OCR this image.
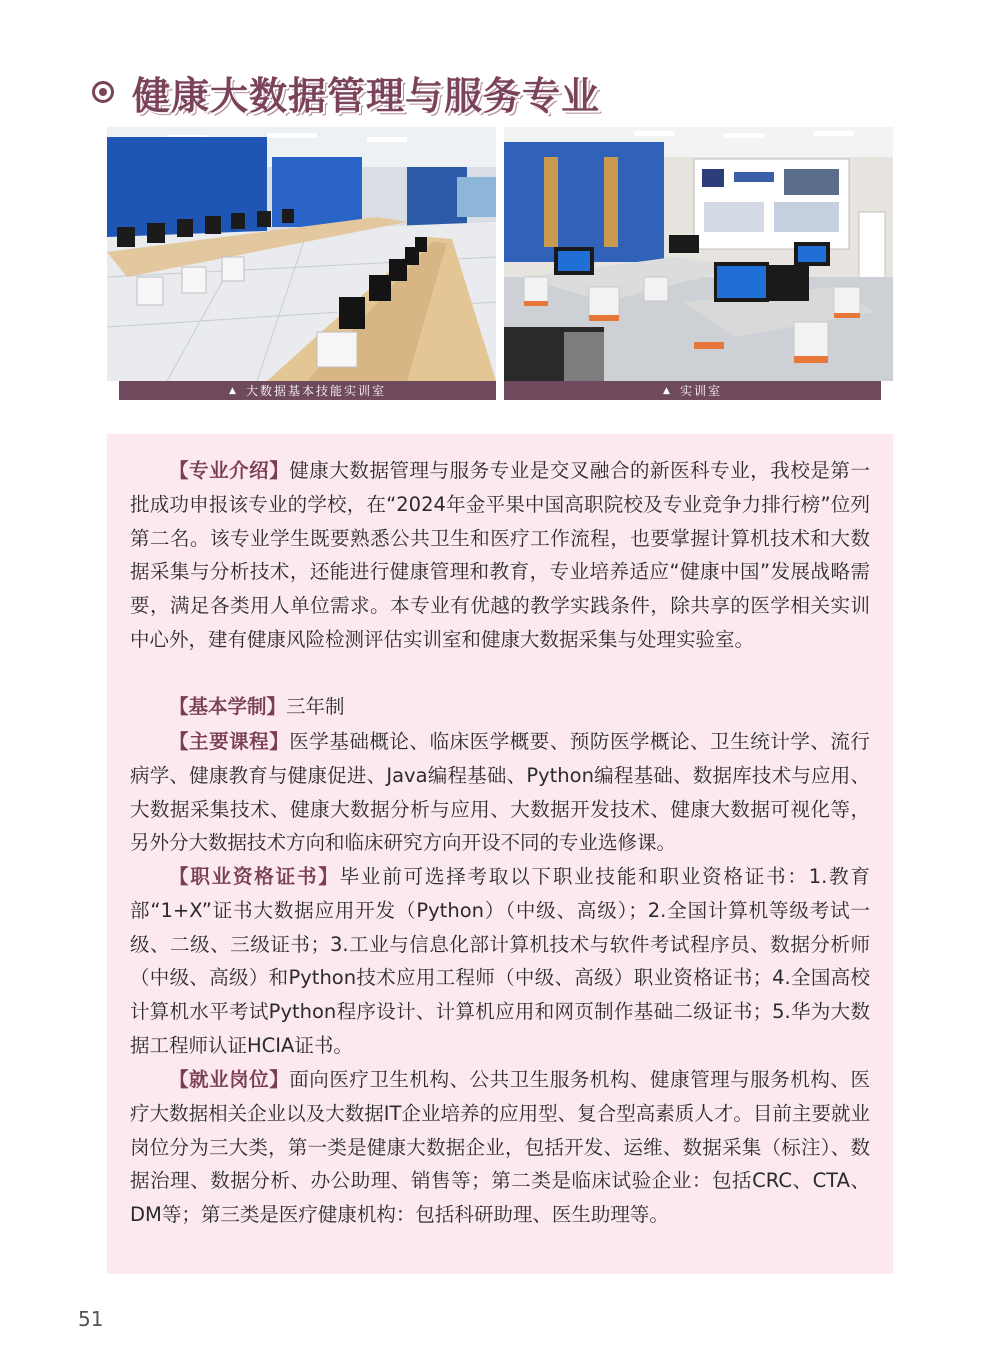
健康大数据管理与服务专业
▲ 大数据基本技能实训室	▲ 实训室

【专业介绍】健康大数据管理与服务专业是交叉融合的新医科专业，我校是第一批成功申报该专业的学校，在“2024年金平果中国高职院校及专业竞争力排行榜”位列第二名。该专业学生既要熟悉公共卫生和医疗工作流程，也要掌握计算机技术和大数据采集与分析技术，还能进行健康管理和教育，专业培养适应“健康中国”发展战略需要，满足各类用人单位需求。本专业有优越的教学实践条件，除共享的医学相关实训中心外，建有健康风险检测评估实训室和健康大数据采集与处理实验室。

【基本学制】三年制

【主要课程】医学基础概论、临床医学概要、预防医学概论、卫生统计学、流行病学、健康教育与健康促进、Java编程基础、Python编程基础、数据库技术与应用、大数据采集技术、健康大数据分析与应用、大数据开发技术、健康大数据可视化等，另外分大数据技术方向和临床研究方向开设不同的专业选修课。

【职业资格证书】毕业前可选择考取以下职业技能和职业资格证书：1.教育部“1+X”证书大数据应用开发（Python）（中级、高级）；2.全国计算机等级考试一级、二级、三级证书；3.工业与信息化部计算机技术与软件考试程序员、数据分析师（中级、高级）和Python技术应用工程师（中级、高级）职业资格证书；4.全国高校计算机水平考试Python程序设计、计算机应用和网页制作基础二级证书；5.华为大数据工程师认证HCIA证书。

【就业岗位】面向医疗卫生机构、公共卫生服务机构、健康管理与服务机构、医疗大数据相关企业以及大数据IT企业培养的应用型、复合型高素质人才。目前主要就业岗位分为三大类，第一类是健康大数据企业，包括开发、运维、数据采集（标注）、数据治理、数据分析、办公助理、销售等；第二类是临床试验企业：包括CRC、CTA、DM等；第三类是医疗健康机构：包括科研助理、医生助理等。

51
